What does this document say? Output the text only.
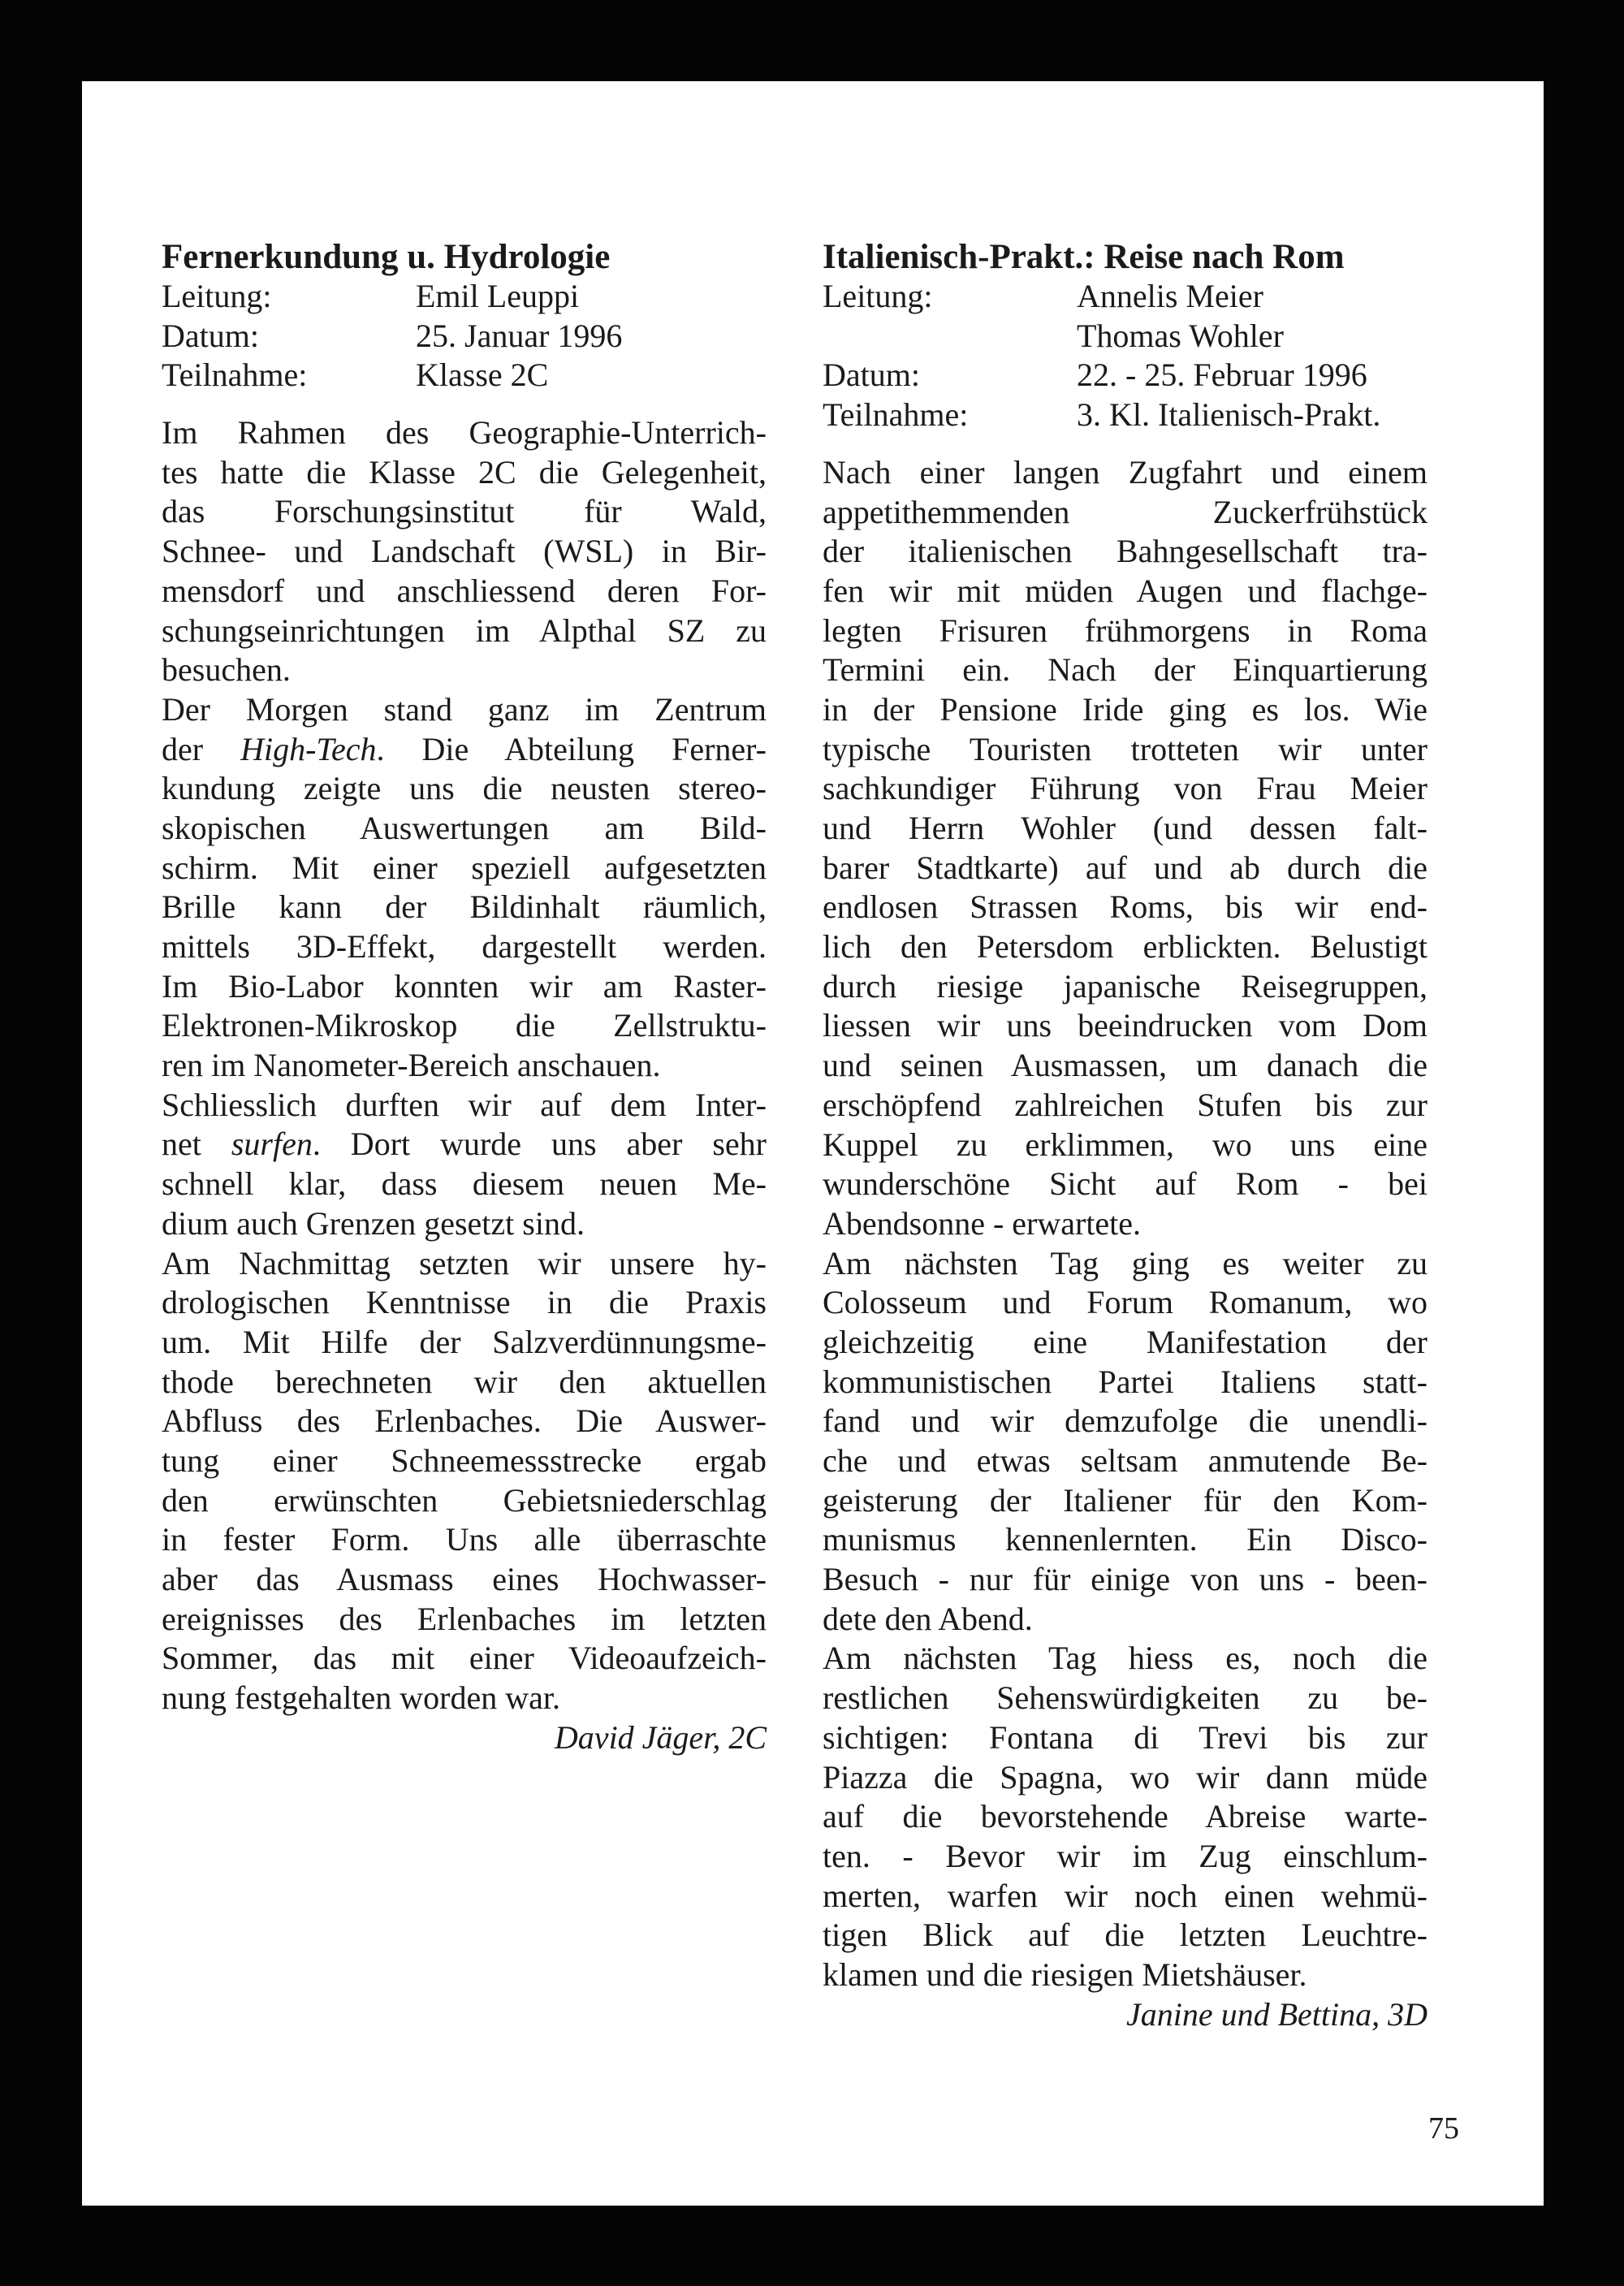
Fernerkundung u. Hydrologie
Leitung:	Emil Leuppi
Datum:	25. Januar 1996
Teilnahme:	Klasse 2C
Im Rahmen des Geographie-Unterrich-
tes hatte die Klasse 2C die Gelegenheit,
das Forschungsinstitut für Wald,
Schnee- und Landschaft (WSL) in Bir-
mensdorf und anschliessend deren For-
schungseinrichtungen im Alpthal SZ zu
besuchen.
Der Morgen stand ganz im Zentrum
der High-Tech. Die Abteilung Ferner-
kundung zeigte uns die neusten stereo-
skopischen Auswertungen am Bild-
schirm. Mit einer speziell aufgesetzten
Brille kann der Bildinhalt räumlich,
mittels 3D-Effekt, dargestellt werden.
Im Bio-Labor konnten wir am Raster-
Elektronen-Mikroskop die Zellstruktu-
ren im Nanometer-Bereich anschauen.
Schliesslich durften wir auf dem Inter-
net surfen. Dort wurde uns aber sehr
schnell klar, dass diesem neuen Me-
dium auch Grenzen gesetzt sind.
Am Nachmittag setzten wir unsere hy-
drologischen Kenntnisse in die Praxis
um. Mit Hilfe der Salzverdünnungsme-
thode berechneten wir den aktuellen
Abfluss des Erlenbaches. Die Auswer-
tung einer Schneemessstrecke ergab
den erwünschten Gebietsniederschlag
in fester Form. Uns alle überraschte
aber das Ausmass eines Hochwasser-
ereignisses des Erlenbaches im letzten
Sommer, das mit einer Videoaufzeich-
nung festgehalten worden war.
David Jäger, 2C
Italienisch-Prakt.: Reise nach Rom
Leitung:	Annelis Meier
Thomas Wohler
Datum:	22. - 25. Februar 1996
Teilnahme:	3. Kl. Italienisch-Prakt.
Nach einer langen Zugfahrt und einem
appetithemmenden Zuckerfrühstück
der italienischen Bahngesellschaft tra-
fen wir mit müden Augen und flachge-
legten Frisuren frühmorgens in Roma
Termini ein. Nach der Einquartierung
in der Pensione Iride ging es los. Wie
typische Touristen trotteten wir unter
sachkundiger Führung von Frau Meier
und Herrn Wohler (und dessen falt-
barer Stadtkarte) auf und ab durch die
endlosen Strassen Roms, bis wir end-
lich den Petersdom erblickten. Belustigt
durch riesige japanische Reisegruppen,
liessen wir uns beeindrucken vom Dom
und seinen Ausmassen, um danach die
erschöpfend zahlreichen Stufen bis zur
Kuppel zu erklimmen, wo uns eine
wunderschöne Sicht auf Rom - bei
Abendsonne - erwartete.
Am nächsten Tag ging es weiter zu
Colosseum und Forum Romanum, wo
gleichzeitig eine Manifestation der
kommunistischen Partei Italiens statt-
fand und wir demzufolge die unendli-
che und etwas seltsam anmutende Be-
geisterung der Italiener für den Kom-
munismus kennenlernten. Ein Disco-
Besuch - nur für einige von uns - been-
dete den Abend.
Am nächsten Tag hiess es, noch die
restlichen Sehenswürdigkeiten zu be-
sichtigen: Fontana di Trevi bis zur
Piazza die Spagna, wo wir dann müde
auf die bevorstehende Abreise warte-
ten. - Bevor wir im Zug einschlum-
merten, warfen wir noch einen wehmü-
tigen Blick auf die letzten Leuchtre-
klamen und die riesigen Mietshäuser.
Janine und Bettina, 3D
75
